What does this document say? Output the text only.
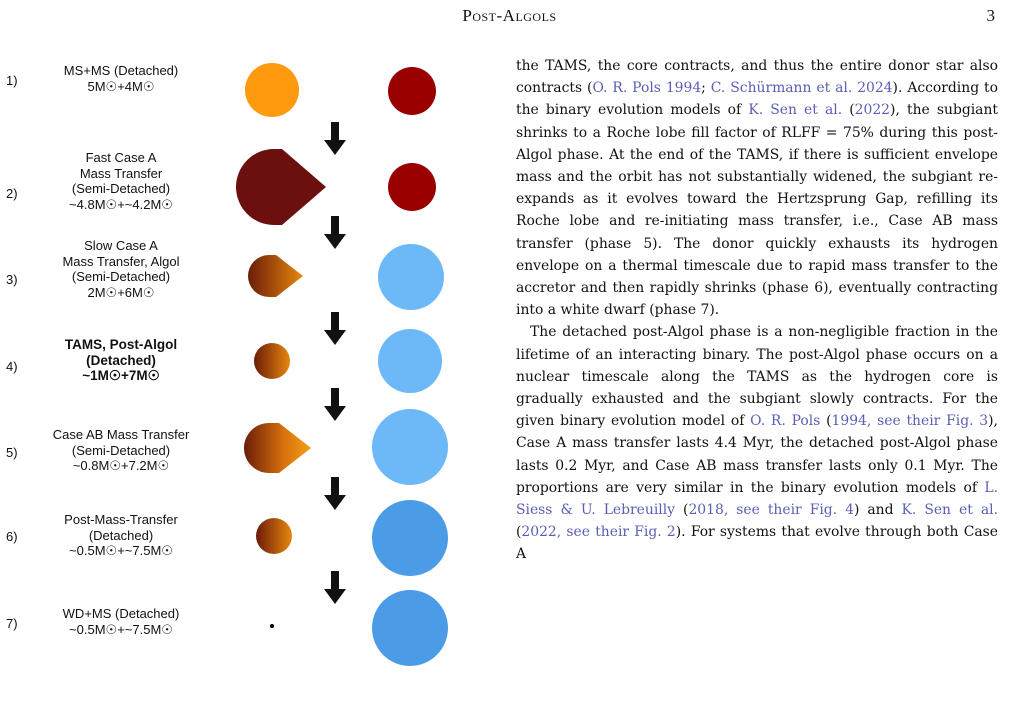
Post-Algols	3
1)
MS+MS (Detached)
5M☉+4M☉
2)
Fast Case A
Mass Transfer
(Semi-Detached)
~4.8M☉+~4.2M☉
3)
Slow Case A
Mass Transfer, Algol
(Semi-Detached)
2M☉+6M☉
4)
TAMS, Post-Algol
(Detached)
~1M☉+7M☉
5)
Case AB Mass Transfer
(Semi-Detached)
~0.8M☉+7.2M☉
6)
Post-Mass-Transfer
(Detached)
~0.5M☉+~7.5M☉
7)
WD+MS (Detached)
~0.5M☉+~7.5M☉

the TAMS, the core contracts, and thus the entire donor star also contracts (O. R. Pols 1994; C. Schürmann et al. 2024). According to the binary evolution models of K. Sen et al. (2022), the subgiant shrinks to a Roche lobe fill factor of RLFF = 75% during this post-Algol phase. At the end of the TAMS, if there is sufficient envelope mass and the orbit has not substantially widened, the subgiant re-expands as it evolves toward the Hertzsprung Gap, refilling its Roche lobe and re-initiating mass transfer, i.e., Case AB mass transfer (phase 5). The donor quickly exhausts its hydrogen envelope on a thermal timescale due to rapid mass transfer to the accretor and then rapidly shrinks (phase 6), eventually contracting into a white dwarf (phase 7).

The detached post-Algol phase is a non-negligible fraction in the lifetime of an interacting binary. The post-Algol phase occurs on a nuclear timescale along the TAMS as the hydrogen core is gradually exhausted and the subgiant slowly contracts. For the given binary evolution model of O. R. Pols (1994, see their Fig. 3), Case A mass transfer lasts 4.4 Myr, the detached post-Algol phase lasts 0.2 Myr, and Case AB mass transfer lasts only 0.1 Myr. The proportions are very similar in the binary evolution models of L. Siess & U. Lebreuilly (2018, see their Fig. 4) and K. Sen et al. (2022, see their Fig. 2). For systems that evolve through both Case A
